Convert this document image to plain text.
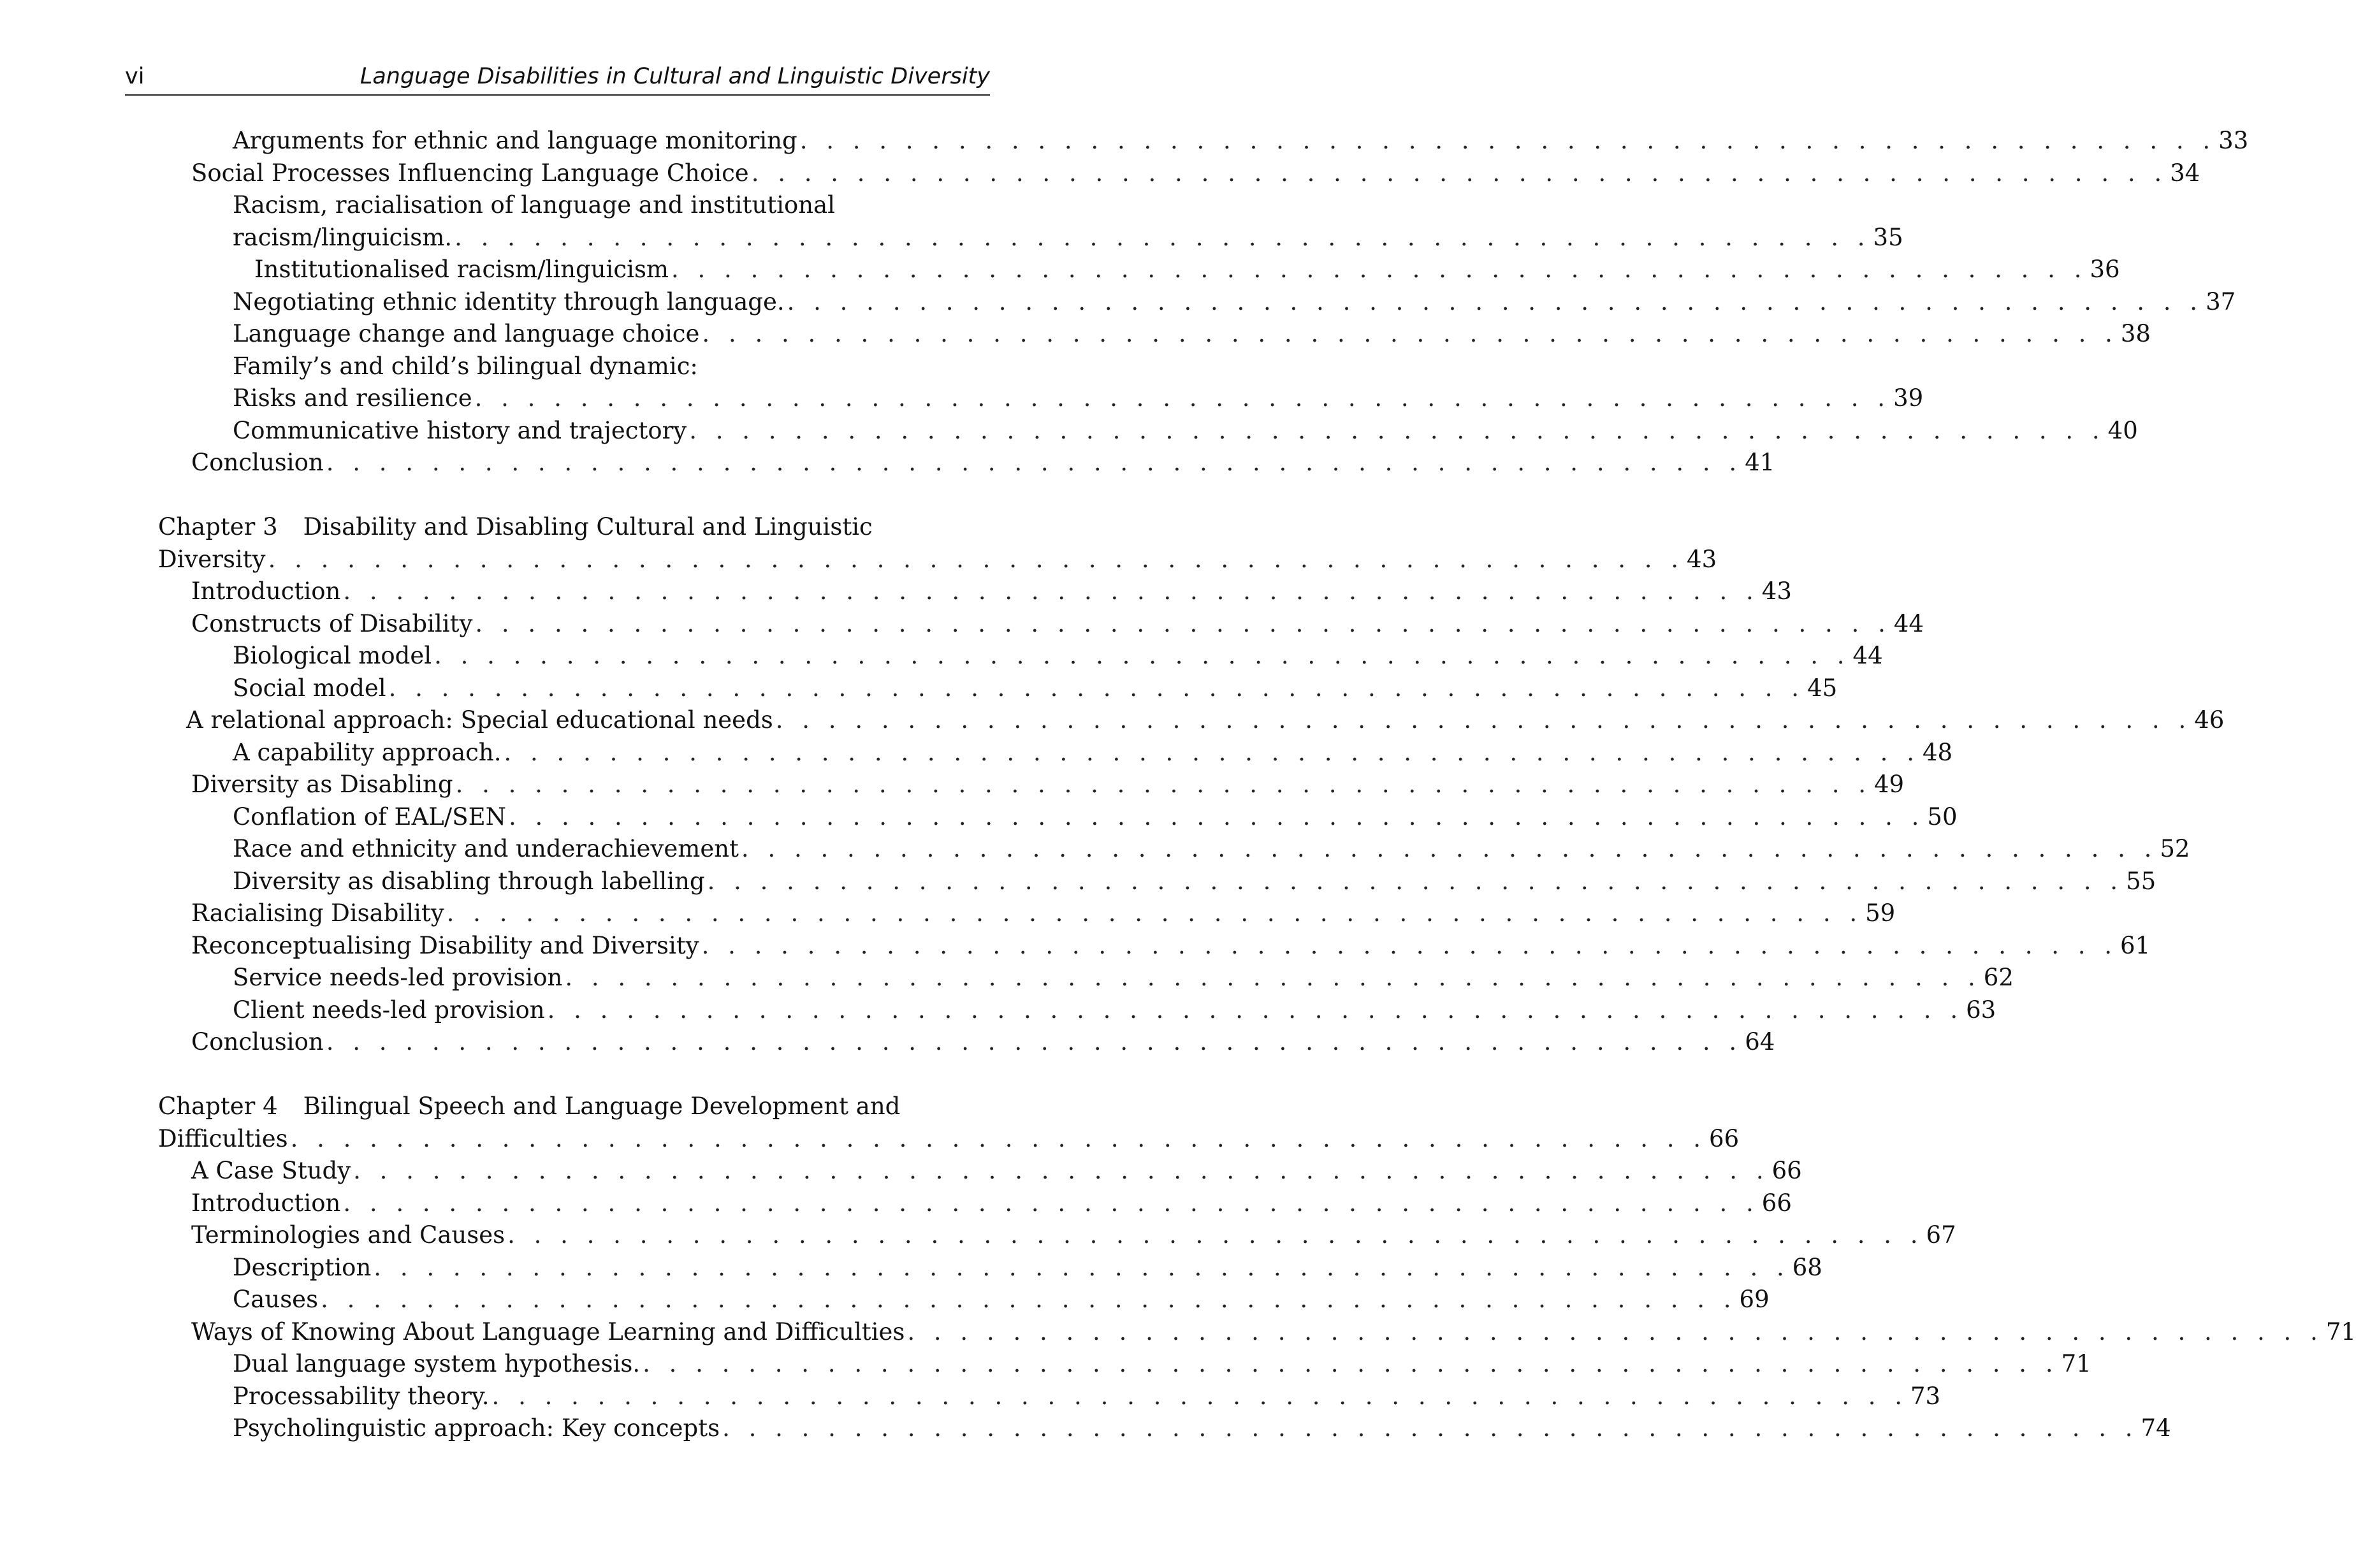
vi	Language Disabilities in Cultural and Linguistic Diversity
Arguments for ethnic and language monitoring . . . . . . . . . . . . . . . . . . . . . . . . . . . . . . . . . . . . . . . . . . . . . . . . . . . . . . 33
Social Processes Influencing Language Choice . . . . . . . . . . . . . . . . . . . . . . . . . . . . . . . . . . . . . . . . . . . . . . . . . . . . . . 34
Racism, racialisation of language and institutional
racism/linguicism. . . . . . . . . . . . . . . . . . . . . . . . . . . . . . . . . . . . . . . . . . . . . . . . . . . . . . . 35
Institutionalised racism/linguicism . . . . . . . . . . . . . . . . . . . . . . . . . . . . . . . . . . . . . . . . . . . . . . . . . . . . . . 36
Negotiating ethnic identity through language. . . . . . . . . . . . . . . . . . . . . . . . . . . . . . . . . . . . . . . . . . . . . . . . . . . . . . . 37
Language change and language choice . . . . . . . . . . . . . . . . . . . . . . . . . . . . . . . . . . . . . . . . . . . . . . . . . . . . . . 38
Family’s and child’s bilingual dynamic:
Risks and resilience . . . . . . . . . . . . . . . . . . . . . . . . . . . . . . . . . . . . . . . . . . . . . . . . . . . . . . 39
Communicative history and trajectory . . . . . . . . . . . . . . . . . . . . . . . . . . . . . . . . . . . . . . . . . . . . . . . . . . . . . . 40
Conclusion . . . . . . . . . . . . . . . . . . . . . . . . . . . . . . . . . . . . . . . . . . . . . . . . . . . . . . 41
Chapter 3 Disability and Disabling Cultural and Linguistic
Diversity . . . . . . . . . . . . . . . . . . . . . . . . . . . . . . . . . . . . . . . . . . . . . . . . . . . . . . 43
Introduction . . . . . . . . . . . . . . . . . . . . . . . . . . . . . . . . . . . . . . . . . . . . . . . . . . . . . . 43
Constructs of Disability . . . . . . . . . . . . . . . . . . . . . . . . . . . . . . . . . . . . . . . . . . . . . . . . . . . . . . 44
Biological model . . . . . . . . . . . . . . . . . . . . . . . . . . . . . . . . . . . . . . . . . . . . . . . . . . . . . . 44
Social model . . . . . . . . . . . . . . . . . . . . . . . . . . . . . . . . . . . . . . . . . . . . . . . . . . . . . . 45
A relational approach: Special educational needs . . . . . . . . . . . . . . . . . . . . . . . . . . . . . . . . . . . . . . . . . . . . . . . . . . . . . . 46
A capability approach. . . . . . . . . . . . . . . . . . . . . . . . . . . . . . . . . . . . . . . . . . . . . . . . . . . . . . . 48
Diversity as Disabling . . . . . . . . . . . . . . . . . . . . . . . . . . . . . . . . . . . . . . . . . . . . . . . . . . . . . . 49
Conflation of EAL/SEN . . . . . . . . . . . . . . . . . . . . . . . . . . . . . . . . . . . . . . . . . . . . . . . . . . . . . . 50
Race and ethnicity and underachievement . . . . . . . . . . . . . . . . . . . . . . . . . . . . . . . . . . . . . . . . . . . . . . . . . . . . . . 52
Diversity as disabling through labelling . . . . . . . . . . . . . . . . . . . . . . . . . . . . . . . . . . . . . . . . . . . . . . . . . . . . . . 55
Racialising Disability . . . . . . . . . . . . . . . . . . . . . . . . . . . . . . . . . . . . . . . . . . . . . . . . . . . . . . 59
Reconceptualising Disability and Diversity . . . . . . . . . . . . . . . . . . . . . . . . . . . . . . . . . . . . . . . . . . . . . . . . . . . . . . 61
Service needs-led provision . . . . . . . . . . . . . . . . . . . . . . . . . . . . . . . . . . . . . . . . . . . . . . . . . . . . . . 62
Client needs-led provision . . . . . . . . . . . . . . . . . . . . . . . . . . . . . . . . . . . . . . . . . . . . . . . . . . . . . . 63
Conclusion . . . . . . . . . . . . . . . . . . . . . . . . . . . . . . . . . . . . . . . . . . . . . . . . . . . . . . 64
Chapter 4 Bilingual Speech and Language Development and
Difficulties . . . . . . . . . . . . . . . . . . . . . . . . . . . . . . . . . . . . . . . . . . . . . . . . . . . . . . 66
A Case Study . . . . . . . . . . . . . . . . . . . . . . . . . . . . . . . . . . . . . . . . . . . . . . . . . . . . . . 66
Introduction . . . . . . . . . . . . . . . . . . . . . . . . . . . . . . . . . . . . . . . . . . . . . . . . . . . . . . 66
Terminologies and Causes . . . . . . . . . . . . . . . . . . . . . . . . . . . . . . . . . . . . . . . . . . . . . . . . . . . . . . 67
Description . . . . . . . . . . . . . . . . . . . . . . . . . . . . . . . . . . . . . . . . . . . . . . . . . . . . . . 68
Causes . . . . . . . . . . . . . . . . . . . . . . . . . . . . . . . . . . . . . . . . . . . . . . . . . . . . . . 69
Ways of Knowing About Language Learning and Difficulties . . . . . . . . . . . . . . . . . . . . . . . . . . . . . . . . . . . . . . . . . . . . . . . . . . . . . . 71
Dual language system hypothesis. . . . . . . . . . . . . . . . . . . . . . . . . . . . . . . . . . . . . . . . . . . . . . . . . . . . . . . 71
Processability theory. . . . . . . . . . . . . . . . . . . . . . . . . . . . . . . . . . . . . . . . . . . . . . . . . . . . . . . 73
Psycholinguistic approach: Key concepts . . . . . . . . . . . . . . . . . . . . . . . . . . . . . . . . . . . . . . . . . . . . . . . . . . . . . . 74
